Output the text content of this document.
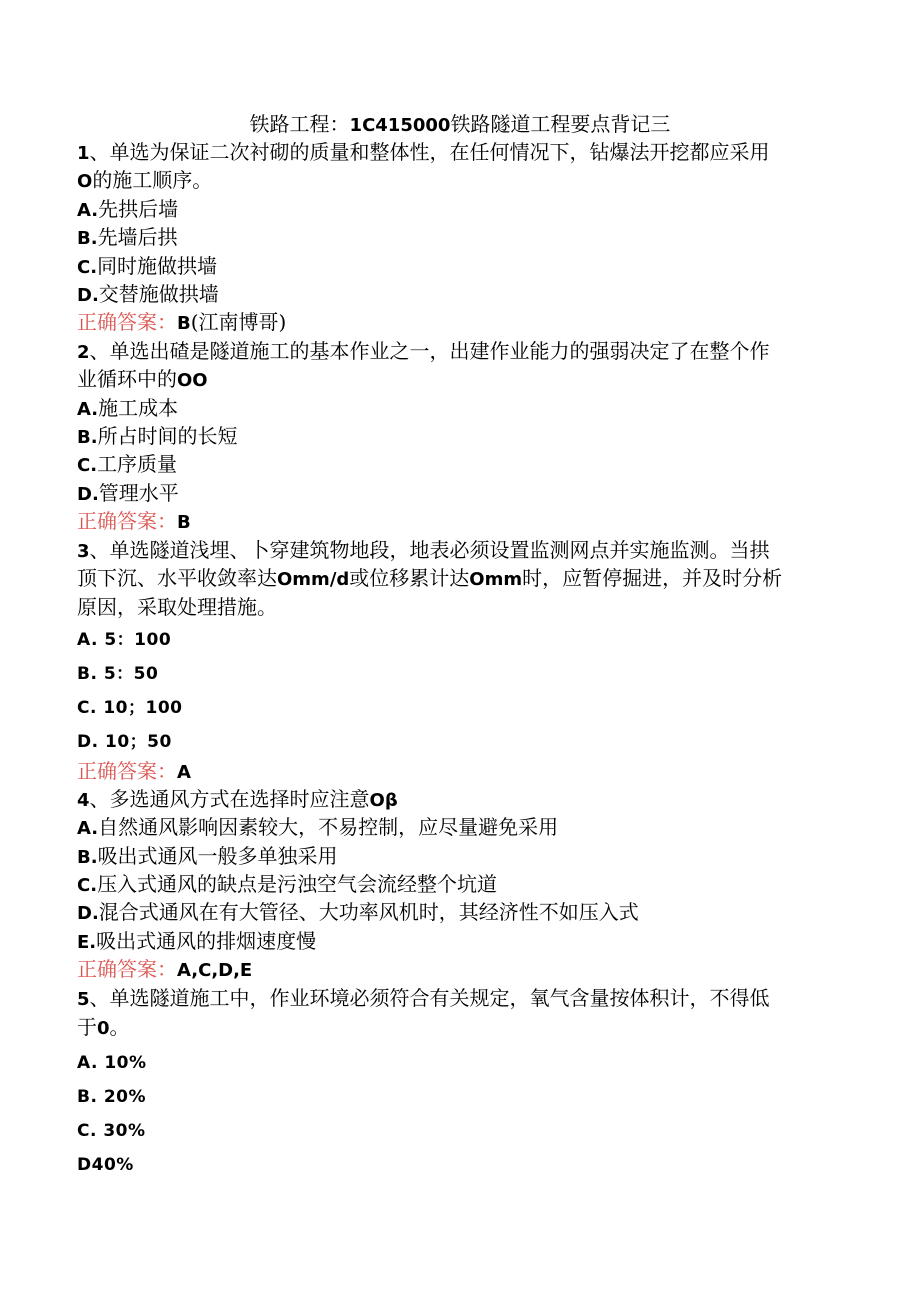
铁路工程：1C415000铁路隧道工程要点背记三
1、单选为保证二次衬砌的质量和整体性，在任何情况下，钻爆法开挖都应采用
O的施工顺序。
A.先拱后墙
B.先墙后拱
C.同时施做拱墙
D.交替施做拱墙
正确答案：B(江南博哥)
2、单选出碴是隧道施工的基本作业之一，出建作业能力的强弱决定了在整个作
业循环中的OO
A.施工成本
B.所占时间的长短
C.工序质量
D.管理水平
正确答案：B
3、单选隧道浅埋、卜穿建筑物地段，地表必须设置监测网点并实施监测。当拱
顶下沉、水平收敛率达Omm/d或位移累计达Omm时，应暂停掘进，并及时分析
原因，采取处理措施。
A. 5：100
B. 5：50
C. 10；100
D. 10；50
正确答案：A
4、多选通风方式在选择时应注意Oβ
A.自然通风影响因素较大，不易控制，应尽量避免采用
B.吸出式通风一般多单独采用
C.压入式通风的缺点是污浊空气会流经整个坑道
D.混合式通风在有大管径、大功率风机时，其经济性不如压入式
E.吸出式通风的排烟速度慢
正确答案：A,C,D,E
5、单选隧道施工中，作业环境必须符合有关规定，氧气含量按体积计，不得低
于0。
A. 10%
B. 20%
C. 30%
D40%
